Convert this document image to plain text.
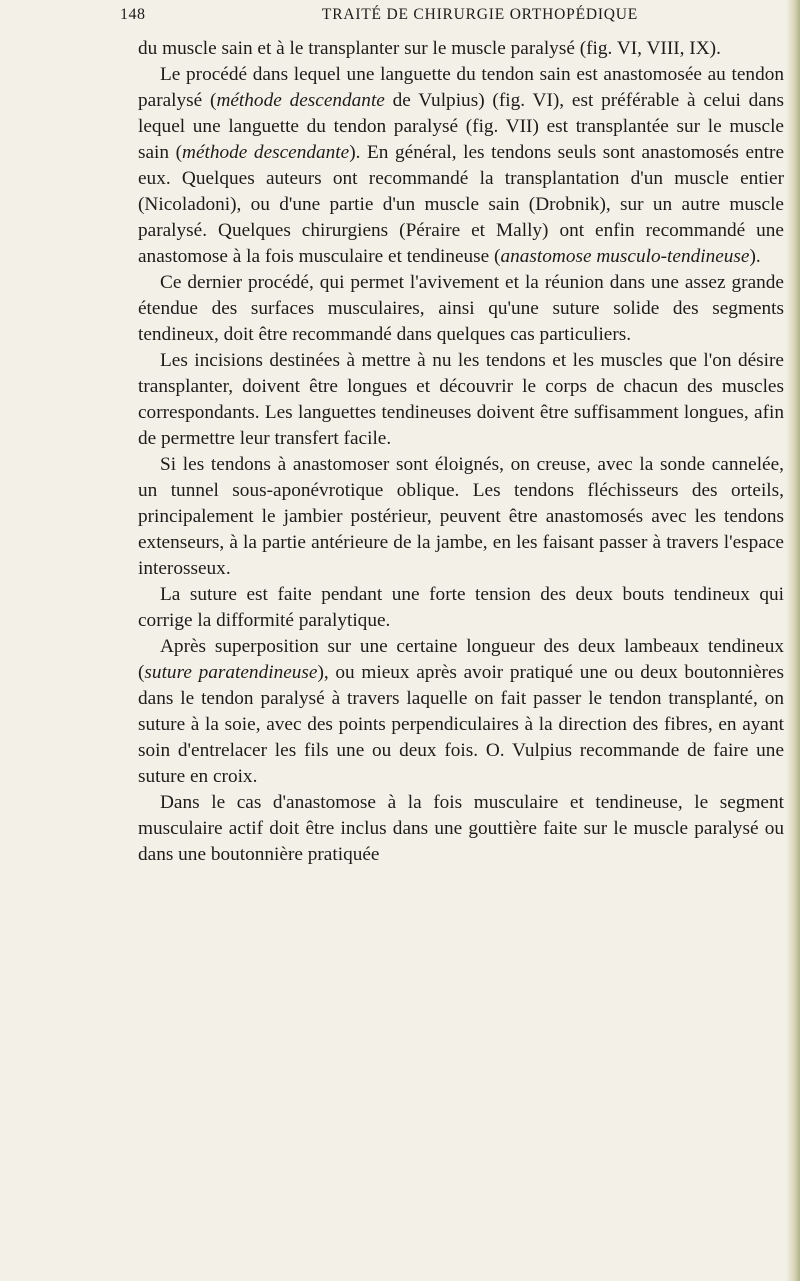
148	TRAITÉ DE CHIRURGIE ORTHOPÉDIQUE

du muscle sain et à le transplanter sur le muscle paralysé (fig. VI, VIII, IX).

Le procédé dans lequel une languette du tendon sain est anastomosée au tendon paralysé (méthode descendante de Vulpius) (fig. VI), est préférable à celui dans lequel une languette du tendon paralysé (fig. VII) est transplantée sur le muscle sain (méthode descendante). En général, les tendons seuls sont anastomosés entre eux. Quelques auteurs ont recommandé la transplantation d'un muscle entier (Nicoladoni), ou d'une partie d'un muscle sain (Drobnik), sur un autre muscle paralysé. Quelques chirurgiens (Péraire et Mally) ont enfin recommandé une anastomose à la fois musculaire et tendineuse (anastomose musculo-tendineuse).

Ce dernier procédé, qui permet l'avivement et la réunion dans une assez grande étendue des surfaces musculaires, ainsi qu'une suture solide des segments tendineux, doit être recommandé dans quelques cas particuliers.

Les incisions destinées à mettre à nu les tendons et les muscles que l'on désire transplanter, doivent être longues et découvrir le corps de chacun des muscles correspondants. Les languettes tendineuses doivent être suffisamment longues, afin de permettre leur transfert facile.

Si les tendons à anastomoser sont éloignés, on creuse, avec la sonde cannelée, un tunnel sous-aponévrotique oblique. Les tendons fléchisseurs des orteils, principalement le jambier postérieur, peuvent être anastomosés avec les tendons extenseurs, à la partie antérieure de la jambe, en les faisant passer à travers l'espace interosseux.

La suture est faite pendant une forte tension des deux bouts tendineux qui corrige la difformité paralytique.

Après superposition sur une certaine longueur des deux lambeaux tendineux (suture paratendineuse), ou mieux après avoir pratiqué une ou deux boutonnières dans le tendon paralysé à travers laquelle on fait passer le tendon transplanté, on suture à la soie, avec des points perpendiculaires à la direction des fibres, en ayant soin d'entrelacer les fils une ou deux fois. O. Vulpius recommande de faire une suture en croix.

Dans le cas d'anastomose à la fois musculaire et tendineuse, le segment musculaire actif doit être inclus dans une gouttière faite sur le muscle paralysé ou dans une boutonnière pratiquée
